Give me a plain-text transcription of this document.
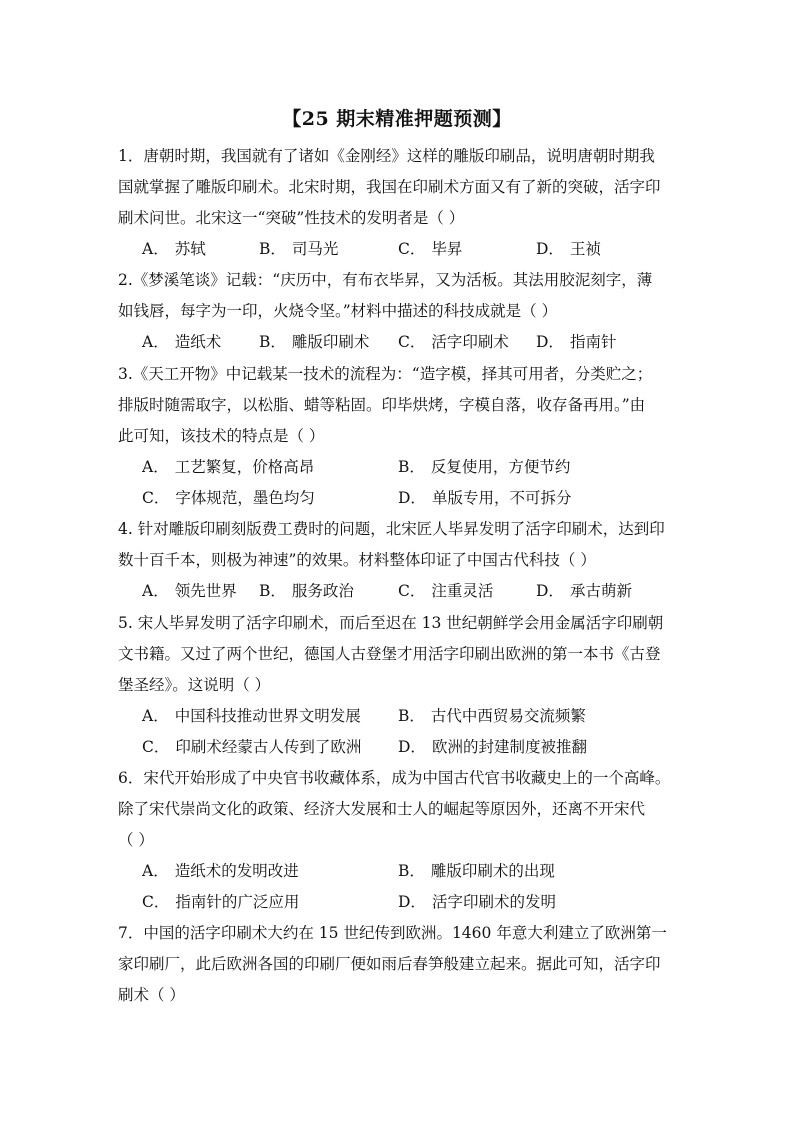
【25 期末精准押题预测】
1．唐朝时期，我国就有了诸如《金刚经》这样的雕版印刷品，说明唐朝时期我
国就掌握了雕版印刷术。北宋时期，我国在印刷术方面又有了新的突破，活字印
刷术问世。北宋这一“突破”性技术的发明者是（ ）
A． 苏轼	B． 司马光	C． 毕昇	D． 王祯
2.《梦溪笔谈》记载：“庆历中，有布衣毕昇，又为活板。其法用胶泥刻字，薄
如钱唇，每字为一印，火烧令坚。”材料中描述的科技成就是（ ）
A． 造纸术 B． 雕版印刷术 C． 活字印刷术 D． 指南针
3.《天工开物》中记载某一技术的流程为：“造字模，择其可用者，分类贮之；
排版时随需取字，以松脂、蜡等粘固。印毕烘烤，字模自落，收存备再用。”由
此可知，该技术的特点是（ ）
A． 工艺繁复，价格高昂	B． 反复使用，方便节约
C． 字体规范，墨色均匀	D． 单版专用，不可拆分
4. 针对雕版印刷刻版费工费时的问题，北宋匠人毕昇发明了活字印刷术，达到印
数十百千本，则极为神速”的效果。材料整体印证了中国古代科技（ ）
A． 领先世界 B． 服务政治	C． 注重灵活	D． 承古萌新
5. 宋人毕昇发明了活字印刷术，而后至迟在 13 世纪朝鲜学会用金属活字印刷朝
文书籍。又过了两个世纪，德国人古登堡才用活字印刷出欧洲的第一本书《古登
堡圣经》。这说明（ ）
A． 中国科技推动世界文明发展 B． 古代中西贸易交流频繁
C． 印刷术经蒙古人传到了欧洲 D． 欧洲的封建制度被推翻
6．宋代开始形成了中央官书收藏体系，成为中国古代官书收藏史上的一个高峰。
除了宋代崇尚文化的政策、经济大发展和士人的崛起等原因外，还离不开宋代
（ ）
A． 造纸术的发明改进	B． 雕版印刷术的出现
C． 指南针的广泛应用	D． 活字印刷术的发明
7．中国的活字印刷术大约在 15 世纪传到欧洲。1460 年意大利建立了欧洲第一
家印刷厂，此后欧洲各国的印刷厂便如雨后春笋般建立起来。据此可知，活字印
刷术（ ）
